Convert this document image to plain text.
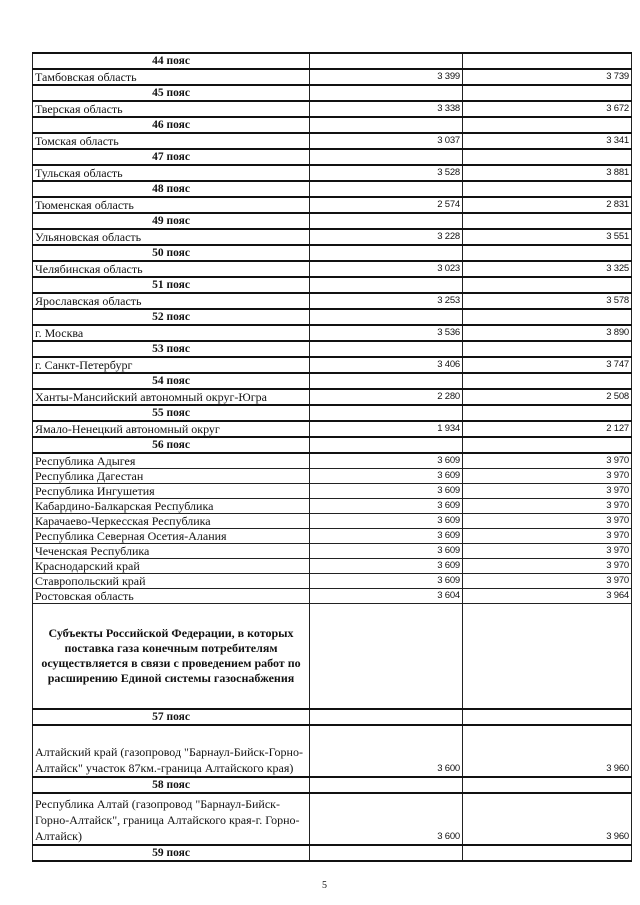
44 пояс		
Тамбовская область	3 399	3 739
45 пояс		
Тверская область	3 338	3 672
46 пояс		
Томская область	3 037	3 341
47 пояс		
Тульская область	3 528	3 881
48 пояс		
Тюменская область	2 574	2 831
49 пояс		
Ульяновская область	3 228	3 551
50 пояс		
Челябинская область	3 023	3 325
51 пояс		
Ярославская область	3 253	3 578
52 пояс		
г. Москва	3 536	3 890
53 пояс		
г. Санкт-Петербург	3 406	3 747
54 пояс		
Ханты-Мансийский автономный округ-Югра	2 280	2 508
55 пояс		
Ямало-Ненецкий автономный округ	1 934	2 127
56 пояс		
Республика Адыгея	3 609	3 970
Республика Дагестан	3 609	3 970
Республика Ингушетия	3 609	3 970
Кабардино-Балкарская Республика	3 609	3 970
Карачаево-Черкесская Республика	3 609	3 970
Республика Северная Осетия-Алания	3 609	3 970
Чеченская Республика	3 609	3 970
Краснодарский край	3 609	3 970
Ставропольский край	3 609	3 970
Ростовская область	3 604	3 964
Субъекты Российской Федерации, в которых поставка газа конечным потребителям осуществляется в связи с проведением работ по расширению Единой системы газоснабжения		
57 пояс		
Алтайский край (газопровод "Барнаул-Бийск-Горно-Алтайск" участок 87км.-граница Алтайского края)	3 600	3 960
58 пояс		
Республика Алтай (газопровод "Барнаул-Бийск-Горно-Алтайск", граница Алтайского края-г. Горно-Алтайск)	3 600	3 960
59 пояс		
5
